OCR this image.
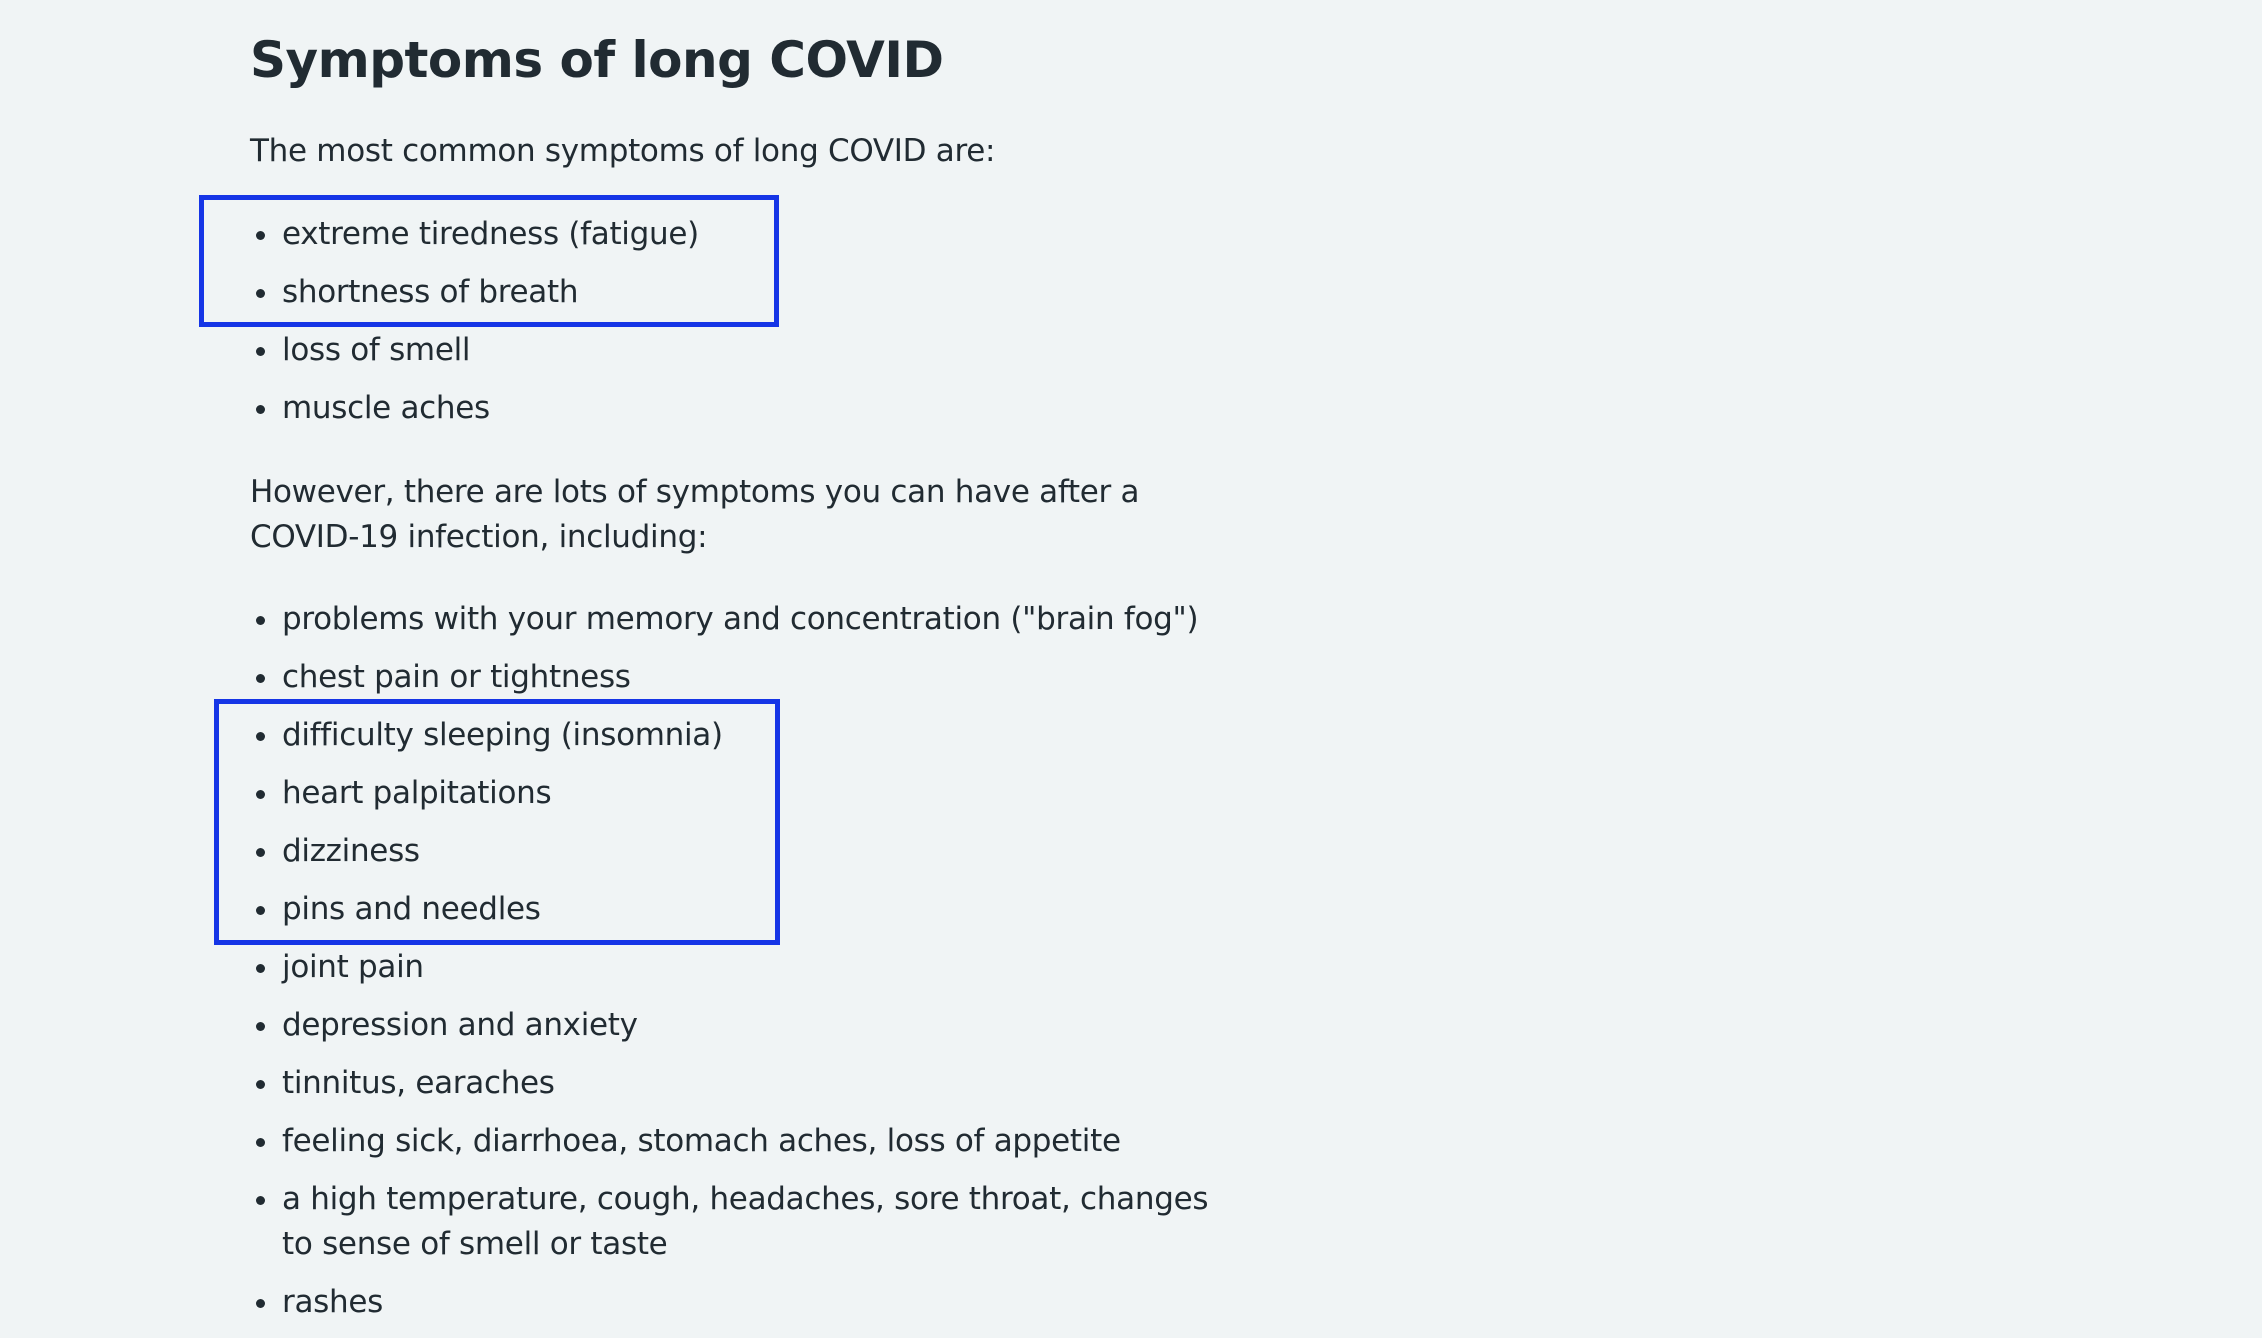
Symptoms of long COVID

The most common symptoms of long COVID are:

extreme tiredness (fatigue)
shortness of breath
loss of smell
muscle aches

However, there are lots of symptoms you can have after a COVID-19 infection, including:

problems with your memory and concentration ("brain fog")
chest pain or tightness
difficulty sleeping (insomnia)
heart palpitations
dizziness
pins and needles
joint pain
depression and anxiety
tinnitus, earaches
feeling sick, diarrhoea, stomach aches, loss of appetite
a high temperature, cough, headaches, sore throat, changes to sense of smell or taste
rashes
